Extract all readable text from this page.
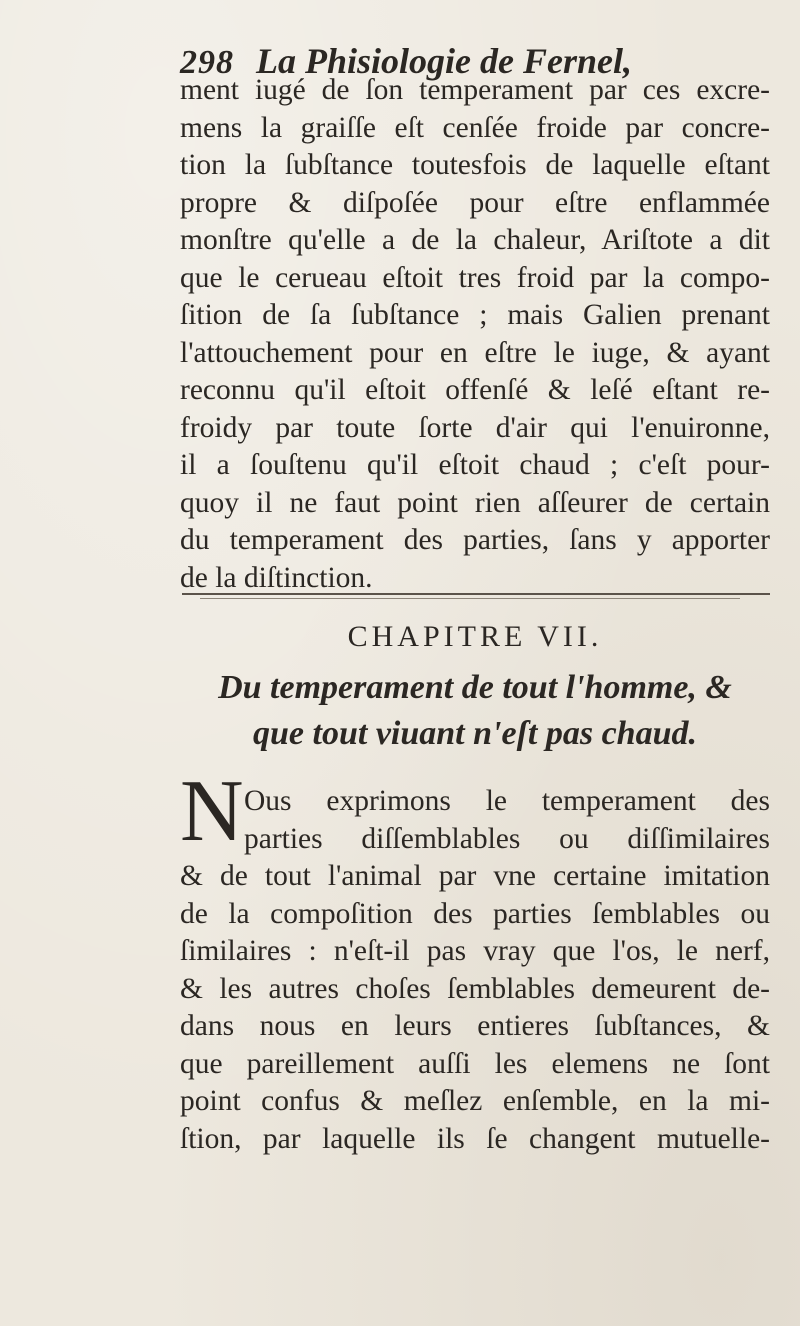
298 La Phisiologie de Fernel,
ment iugé de ſon temperament par ces excre-
mens la graiſſe eſt cenſée froide par concre-
tion la ſubſtance toutesfois de laquelle eſtant
propre & diſpoſée pour eſtre enflammée
monſtre qu'elle a de la chaleur, Ariſtote a dit
que le cerueau eſtoit tres froid par la compo-
ſition de ſa ſubſtance ; mais Galien prenant
l'attouchement pour en eſtre le iuge, & ayant
reconnu qu'il eſtoit offenſé & leſé eſtant re-
froidy par toute ſorte d'air qui l'enuironne,
il a ſouſtenu qu'il eſtoit chaud ; c'eſt pour-
quoy il ne faut point rien aſſeurer de certain
du temperament des parties, ſans y apporter
de la diſtinction.
CHAPITRE VII.
Du temperament de tout l'homme, &
que tout viuant n'eſt pas chaud.
N Ous exprimons le temperament des
parties diſſemblables ou diſſimilaires
& de tout l'animal par vne certaine imitation
de la compoſition des parties ſemblables ou
ſimilaires : n'eſt-il pas vray que l'os, le nerf,
& les autres choſes ſemblables demeurent de-
dans nous en leurs entieres ſubſtances, &
que pareillement auſſi les elemens ne ſont
point confus & meſlez enſemble, en la mi-
ſtion, par laquelle ils ſe changent mutuelle-
